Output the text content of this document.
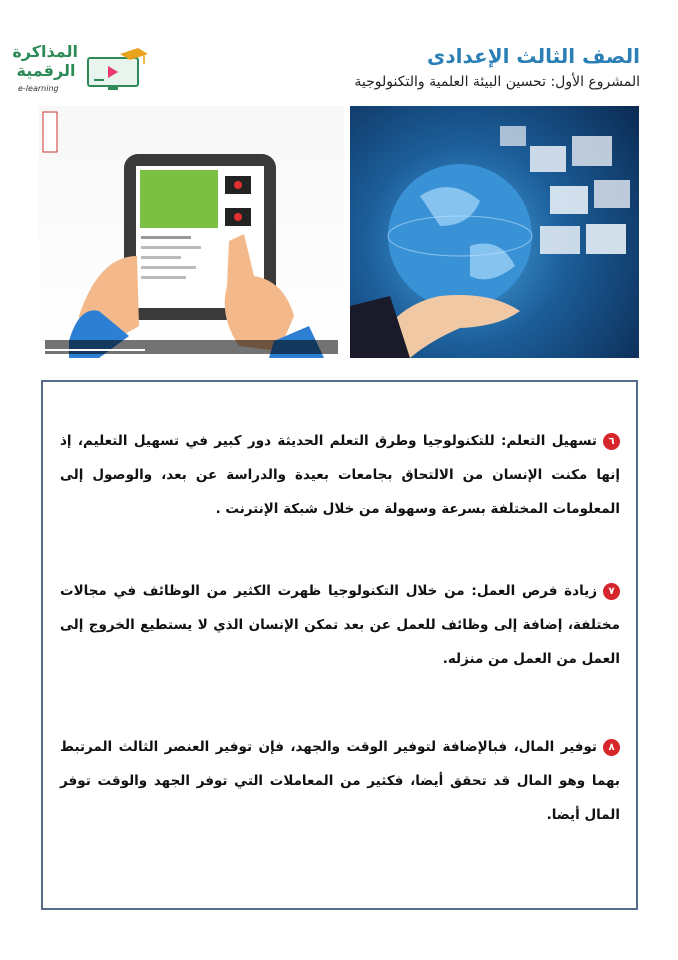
المذاكرة
الرقمية
e-learning
الصف الثالث الإعدادى
المشروع الأول: تحسين البيئة العلمية والتكنولوجية
٦تسهيل التعلم: للتكنولوجيا وطرق التعلم الحديثة دور كبير في تسهيل التعليم، إذ إنها مكنت الإنسان من الالتحاق بجامعات بعيدة والدراسة عن بعد، والوصول إلى المعلومات المختلفة بسرعة وسهولة من خلال شبكة الإنترنت .
٧زيادة فرص العمل: من خلال التكنولوجيا ظهرت الكثير من الوظائف في مجالات مختلفة، إضافة إلى وظائف للعمل عن بعد تمكن الإنسان الذي لا يستطيع الخروج إلى العمل من العمل من منزله.
٨توفير المال، فبالإضافة لتوفير الوقت والجهد، فإن توفير العنصر الثالث المرتبط بهما وهو المال قد تحقق أيضا، فكثير من المعاملات التي توفر الجهد والوقت توفر المال أيضا.
